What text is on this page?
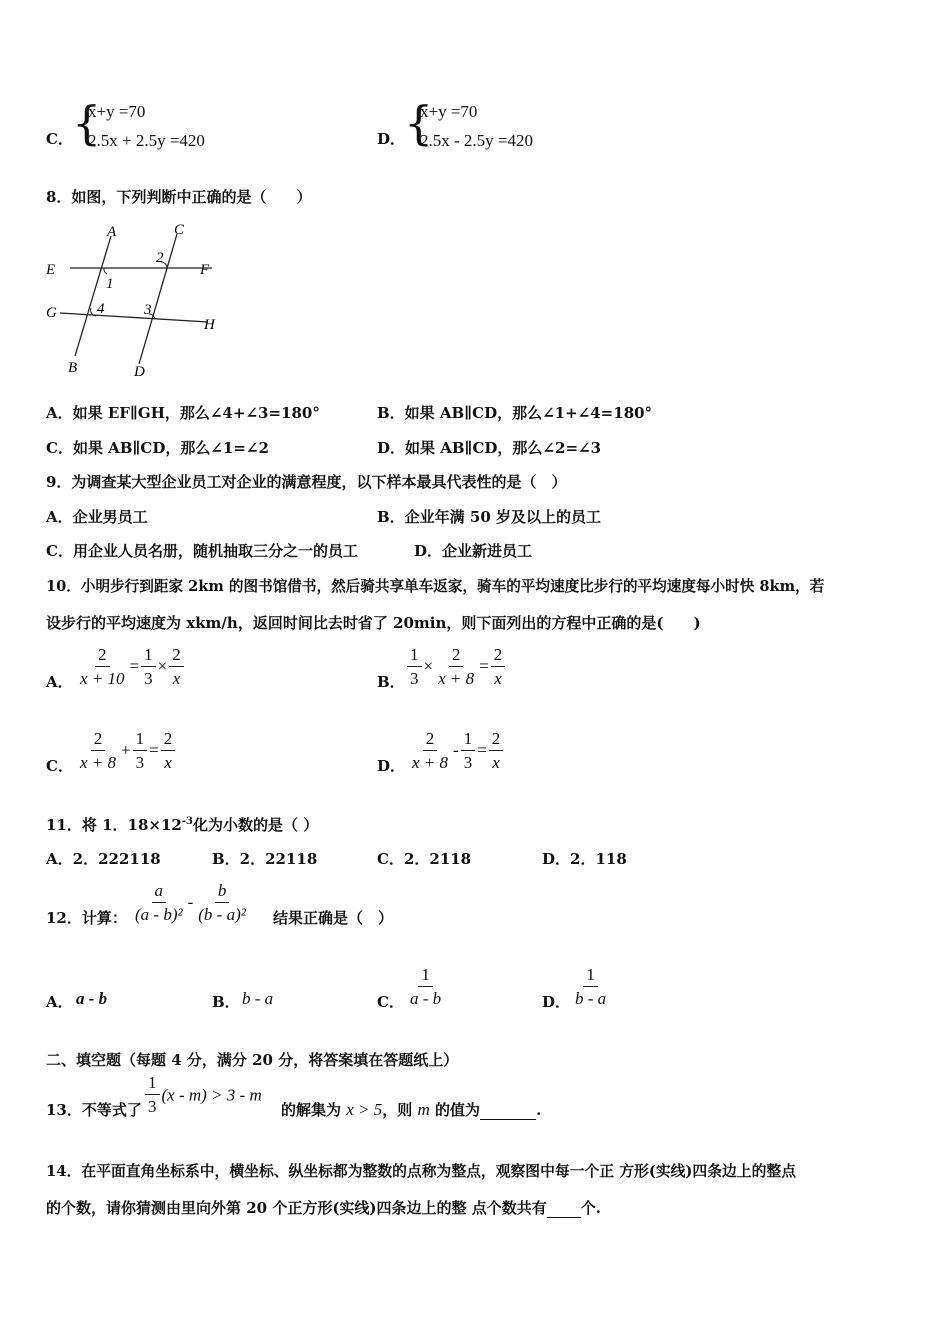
C． {
x+y =70
2.5x + 2.5y =420	D．
{
x+y =70
2.5x - 2.5y =420
8．如图，下列判断中正确的是（　　）
A	C
E	F
2
1
G	4	3
H
B	D
A．如果 EF∥GH，那么∠4+∠3=180°	B．如果 AB∥CD，那么∠1+∠4=180°
C．如果 AB∥CD，那么∠1=∠2	D．如果 AB∥CD，那么∠2=∠3
9．为调查某大型企业员工对企业的满意程度，以下样本最具代表性的是（　）
A．企业男员工	B．企业年满 50 岁及以上的员工
C．用企业人员名册，随机抽取三分之一的员工	D．企业新进员工
10．小明步行到距家 2km 的图书馆借书，然后骑共享单车返家，骑车的平均速度比步行的平均速度每小时快 8km，若
设步行的平均速度为 xkm/h，返回时间比去时省了 20min，则下面列出的方程中正确的是(　　)
A． $\frac{2}{x + 10} = \frac{1}{3} \times \frac{2}{x}$	B． $\frac{1}{3} \times \frac{2}{x + 8} = \frac{2}{x}$
C． $\frac{2}{x + 8} + \frac{1}{3} = \frac{2}{x}$	D． $\frac{2}{x + 8} - \frac{1}{3} = \frac{2}{x}$
11．将 1．$18\times 12^{-3}$化为小数的是（ ）
A．2．222118	B．2．22118	C．2．2118	D．2．118
12．计算： $\frac{a}{\text{(a - b)²}} - \frac{b}{\text{(b - a)²}}$ 结果正确是（　）
A． a - b	B． b - a	C． $\frac{1}{a - b}$	D． $\frac{1}{b - a}$
二、填空题（每题 4 分，满分 20 分，将答案填在答题纸上）
13．不等式了 $\frac{1}{3} (x - m) > 3 - m$
的解集为 x > 5，则 m 的值为	.
14．在平面直角坐标系中，横坐标、纵坐标都为整数的点称为整点，观察图中每一个正 方形(实线)四条边上的整点
的个数，请你猜测由里向外第 20 个正方形(实线)四条边上的整 点个数共有 个.
